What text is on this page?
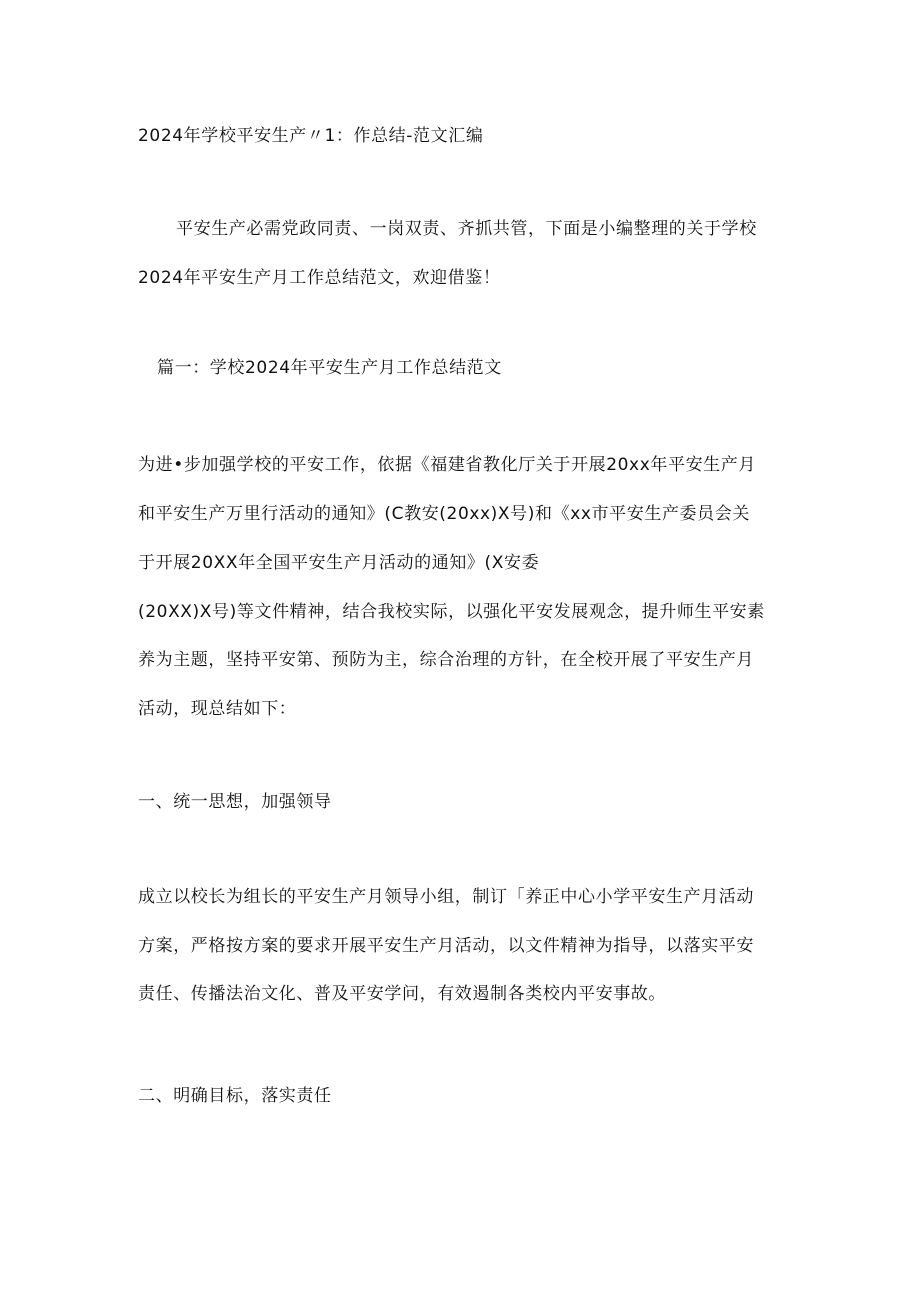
2024年学校平安生产〃1：作总结-范文汇编
平安生产必需党政同责、一岗双责、齐抓共管，下面是小编整理的关于学校
2024年平安生产月工作总结范文，欢迎借鉴！
篇一：学校2024年平安生产月工作总结范文
为进•步加强学校的平安工作，依据《福建省教化厅关于开展20xx年平安生产月
和平安生产万里行活动的通知》(C教安(20xx)X号)和《xx市平安生产委员会关
于开展20XX年全国平安生产月活动的通知》(X安委
(20XX)X号)等文件精神，结合我校实际，以强化平安发展观念，提升师生平安素
养为主题，坚持平安第、预防为主，综合治理的方针，在全校开展了平安生产月
活动，现总结如下：
一、统一思想，加强领导
成立以校长为组长的平安生产月领导小组，制订「养正中心小学平安生产月活动
方案，严格按方案的要求开展平安生产月活动，以文件精神为指导，以落实平安
责任、传播法治文化、普及平安学问，有效遏制各类校内平安事故。
二、明确目标，落实责任
